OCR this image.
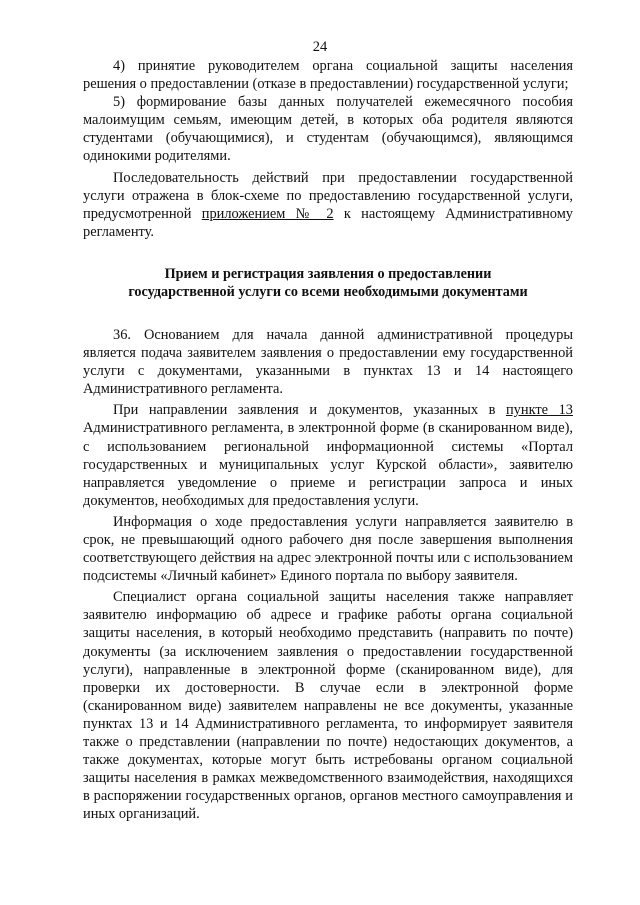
24

4) принятие руководителем органа социальной защиты населения решения о предоставлении (отказе в предоставлении) государственной услуги;

5) формирование базы данных получателей ежемесячного пособия малоимущим семьям, имеющим детей, в которых оба родителя являются студентами (обучающимися), и студентам (обучающимся), являющимся одинокими родителями.

Последовательность действий при предоставлении государственной услуги отражена в блок-схеме по предоставлению государственной услуги, предусмотренной приложением № 2 к настоящему Административному регламенту.

Прием и регистрация заявления о предоставлении
государственной услуги со всеми необходимыми документами

36. Основанием для начала данной административной процедуры является подача заявителем заявления о предоставлении ему государственной услуги с документами, указанными в пунктах 13 и 14 настоящего Административного регламента.

При направлении заявления и документов, указанных в пункте 13 Административного регламента, в электронной форме (в сканированном виде), с использованием региональной информационной системы «Портал государственных и муниципальных услуг Курской области», заявителю направляется уведомление о приеме и регистрации запроса и иных документов, необходимых для предоставления услуги.

Информация о ходе предоставления услуги направляется заявителю в срок, не превышающий одного рабочего дня после завершения выполнения соответствующего действия на адрес электронной почты или с использованием подсистемы «Личный кабинет» Единого портала по выбору заявителя.

Специалист органа социальной защиты населения также направляет заявителю информацию об адресе и графике работы органа социальной защиты населения, в который необходимо представить (направить по почте) документы (за исключением заявления о предоставлении государственной услуги), направленные в электронной форме (сканированном виде), для проверки их достоверности. В случае если в электронной форме (сканированном виде) заявителем направлены не все документы, указанные пунктах 13 и 14 Административного регламента, то информирует заявителя также о представлении (направлении по почте) недостающих документов, а также документах, которые могут быть истребованы органом социальной защиты населения в рамках межведомственного взаимодействия, находящихся в распоряжении государственных органов, органов местного самоуправления и иных организаций.
